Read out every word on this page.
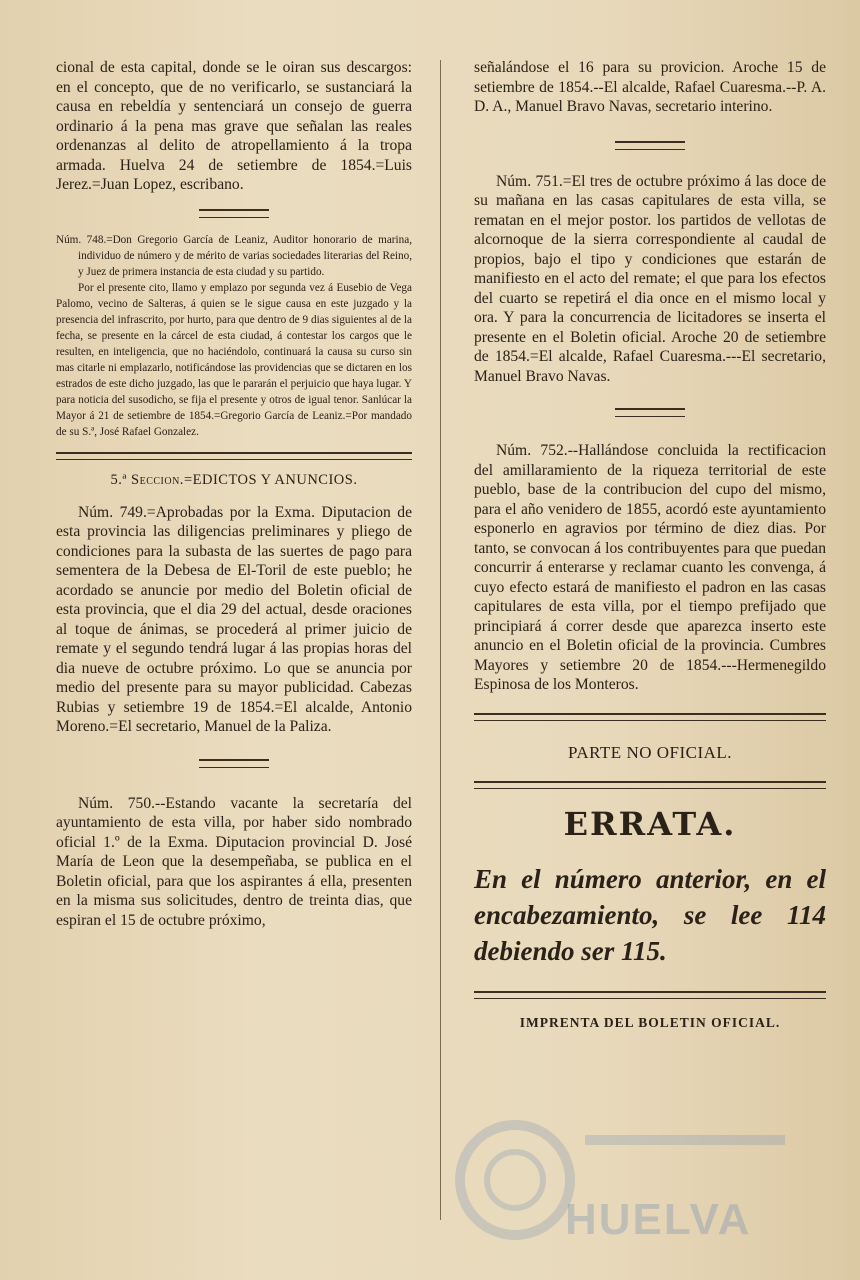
cional de esta capital, donde se le oiran sus descargos: en el concepto, que de no verificarlo, se sustanciará la causa en rebeldía y sentenciará un consejo de guerra ordinario á la pena mas grave que señalan las reales ordenanzas al delito de atropellamiento á la tropa armada. Huelva 24 de setiembre de 1854.=Luis Jerez.=Juan Lopez, escribano.

Núm. 748.=Don Gregorio García de Leaniz, Auditor honorario de marina, individuo de número y de mérito de varias sociedades literarias del Reino, y Juez de primera instancia de esta ciudad y su partido.

Por el presente cito, llamo y emplazo por segunda vez á Eusebio de Vega Palomo, vecino de Salteras, á quien se le sigue causa en este juzgado y la presencia del infrascrito, por hurto, para que dentro de 9 dias siguientes al de la fecha, se presente en la cárcel de esta ciudad, á contestar los cargos que le resulten, en inteligencia, que no haciéndolo, continuará la causa su curso sin mas citarle ni emplazarlo, notificándose las providencias que se dictaren en los estrados de este dicho juzgado, las que le pararán el perjuicio que haya lugar. Y para noticia del susodicho, se fija el presente y otros de igual tenor. Sanlúcar la Mayor á 21 de setiembre de 1854.=Gregorio García de Leaniz.=Por mandado de su S.ª, José Rafael Gonzalez.

5.ª Seccion.=EDICTOS Y ANUNCIOS.

Núm. 749.=Aprobadas por la Exma. Diputacion de esta provincia las diligencias preliminares y pliego de condiciones para la subasta de las suertes de pago para sementera de la Debesa de El-Toril de este pueblo; he acordado se anuncie por medio del Boletin oficial de esta provincia, que el dia 29 del actual, desde oraciones al toque de ánimas, se procederá al primer juicio de remate y el segundo tendrá lugar á las propias horas del dia nueve de octubre próximo. Lo que se anuncia por medio del presente para su mayor publicidad. Cabezas Rubias y setiembre 19 de 1854.=El alcalde, Antonio Moreno.=El secretario, Manuel de la Paliza.

Núm. 750.--Estando vacante la secretaría del ayuntamiento de esta villa, por haber sido nombrado oficial 1.º de la Exma. Diputacion provincial D. José María de Leon que la desempeñaba, se publica en el Boletin oficial, para que los aspirantes á ella, presenten en la misma sus solicitudes, dentro de treinta dias, que espiran el 15 de octubre próximo,

señalándose el 16 para su provicion. Aroche 15 de setiembre de 1854.--El alcalde, Rafael Cuaresma.--P. A. D. A., Manuel Bravo Navas, secretario interino.

Núm. 751.=El tres de octubre próximo á las doce de su mañana en las casas capitulares de esta villa, se rematan en el mejor postor. los partidos de vellotas de alcornoque de la sierra correspondiente al caudal de propios, bajo el tipo y condiciones que estarán de manifiesto en el acto del remate; el que para los efectos del cuarto se repetirá el dia once en el mismo local y ora. Y para la concurrencia de licitadores se inserta el presente en el Boletin oficial. Aroche 20 de setiembre de 1854.=El alcalde, Rafael Cuaresma.---El secretario, Manuel Bravo Navas.

Núm. 752.--Hallándose concluida la rectificacion del amillaramiento de la riqueza territorial de este pueblo, base de la contribucion del cupo del mismo, para el año venidero de 1855, acordó este ayuntamiento esponerlo en agravios por término de diez dias. Por tanto, se convocan á los contribuyentes para que puedan concurrir á enterarse y reclamar cuanto les convenga, á cuyo efecto estará de manifiesto el padron en las casas capitulares de esta villa, por el tiempo prefijado que principiará á correr desde que aparezca inserto este anuncio en el Boletin oficial de la provincia. Cumbres Mayores y setiembre 20 de 1854.---Hermenegildo Espinosa de los Monteros.

PARTE NO OFICIAL.
ERRATA.

En el número anterior, en el encabezamiento, se lee 114 debiendo ser 115.

IMPRENTA DEL BOLETIN OFICIAL.
HUELVA
